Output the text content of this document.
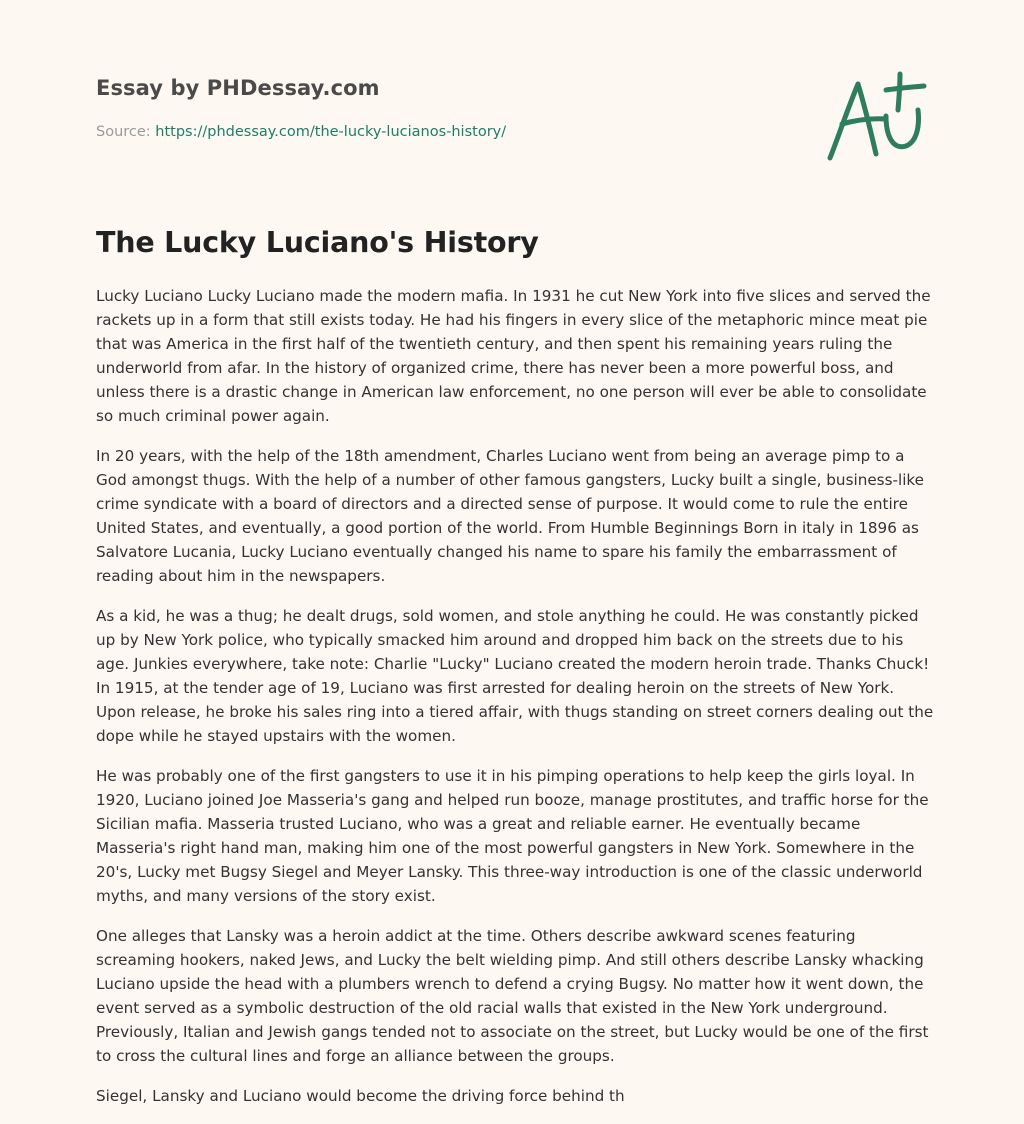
Essay by PHDessay.com
Source: https://phdessay.com/the-lucky-lucianos-history/
The Lucky Luciano's History

Lucky Luciano Lucky Luciano made the modern mafia. In 1931 he cut New York into five slices and served the rackets up in a form that still exists today. He had his fingers in every slice of the metaphoric mince meat pie that was America in the first half of the twentieth century, and then spent his remaining years ruling the underworld from afar. In the history of organized crime, there has never been a more powerful boss, and unless there is a drastic change in American law enforcement, no one person will ever be able to consolidate so much criminal power again.

In 20 years, with the help of the 18th amendment, Charles Luciano went from being an average pimp to a God amongst thugs. With the help of a number of other famous gangsters, Lucky built a single, business-like crime syndicate with a board of directors and a directed sense of purpose. It would come to rule the entire United States, and eventually, a good portion of the world. From Humble Beginnings Born in italy in 1896 as Salvatore Lucania, Lucky Luciano eventually changed his name to spare his family the embarrassment of reading about him in the newspapers.

As a kid, he was a thug; he dealt drugs, sold women, and stole anything he could. He was constantly picked up by New York police, who typically smacked him around and dropped him back on the streets due to his age. Junkies everywhere, take note: Charlie "Lucky" Luciano created the modern heroin trade. Thanks Chuck! In 1915, at the tender age of 19, Luciano was first arrested for dealing heroin on the streets of New York. Upon release, he broke his sales ring into a tiered affair, with thugs standing on street corners dealing out the dope while he stayed upstairs with the women.

He was probably one of the first gangsters to use it in his pimping operations to help keep the girls loyal. In 1920, Luciano joined Joe Masseria's gang and helped run booze, manage prostitutes, and traffic horse for the Sicilian mafia. Masseria trusted Luciano, who was a great and reliable earner. He eventually became Masseria's right hand man, making him one of the most powerful gangsters in New York. Somewhere in the 20's, Lucky met Bugsy Siegel and Meyer Lansky. This three-way introduction is one of the classic underworld myths, and many versions of the story exist.

One alleges that Lansky was a heroin addict at the time. Others describe awkward scenes featuring screaming hookers, naked Jews, and Lucky the belt wielding pimp. And still others describe Lansky whacking Luciano upside the head with a plumbers wrench to defend a crying Bugsy. No matter how it went down, the event served as a symbolic destruction of the old racial walls that existed in the New York underground. Previously, Italian and Jewish gangs tended not to associate on the street, but Lucky would be one of the first to cross the cultural lines and forge an alliance between the groups.

Siegel, Lansky and Luciano would become the driving force behind th
